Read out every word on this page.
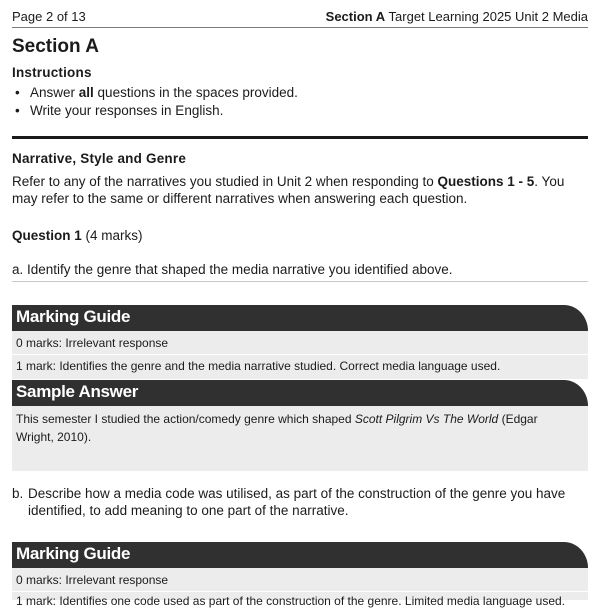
Page 2 of 13	Section A Target Learning 2025 Unit 2 Media
Section A
Instructions
• Answer all questions in the spaces provided.
• Write your responses in English.
Narrative, Style and Genre
Refer to any of the narratives you studied in Unit 2 when responding to Questions 1 - 5. You may refer to the same or different narratives when answering each question.
Question 1 (4 marks)
a. Identify the genre that shaped the media narrative you identified above.
Marking Guide
0 marks: Irrelevant response
1 mark: Identifies the genre and the media narrative studied. Correct media language used.
Sample Answer
This semester I studied the action/comedy genre which shaped Scott Pilgrim Vs The World (Edgar Wright, 2010).
b. Describe how a media code was utilised, as part of the construction of the genre you have identified, to add meaning to one part of the narrative.
Marking Guide
0 marks: Irrelevant response
1 mark: Identifies one code used as part of the construction of the genre. Limited media language used.
